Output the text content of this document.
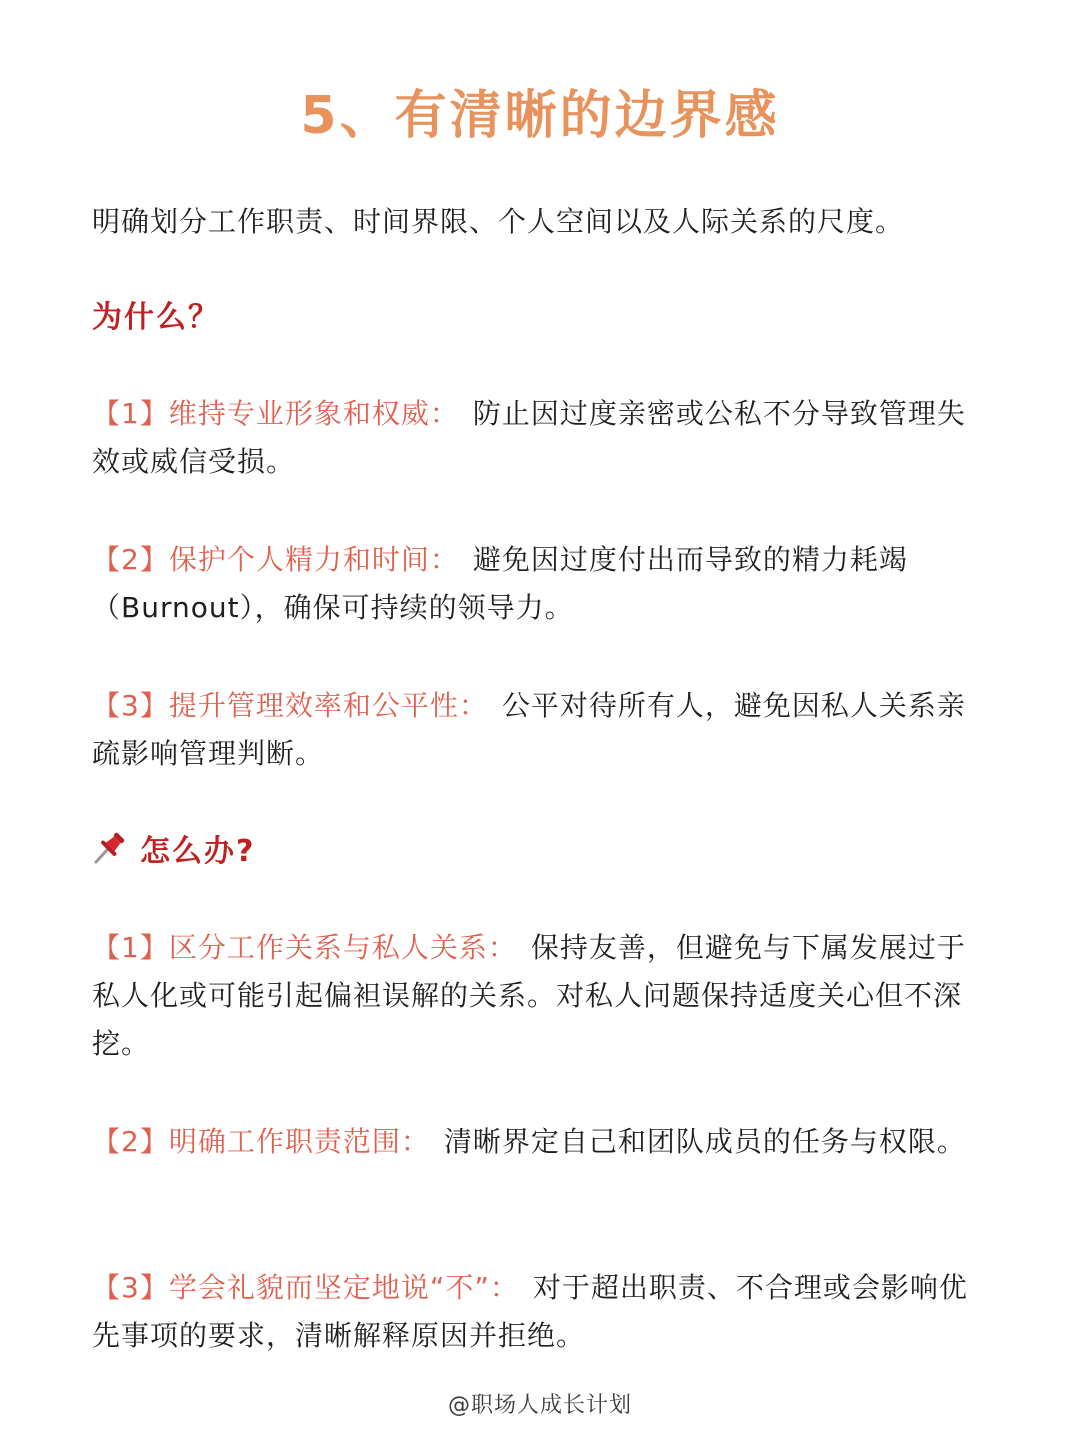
5、有清晰的边界感
明确划分工作职责、时间界限、个人空间以及人际关系的尺度。
为什么？
【1】维持专业形象和权威： 防止因过度亲密或公私不分导致管理失效或威信受损。
【2】保护个人精力和时间： 避免因过度付出而导致的精力耗竭（Burnout），确保可持续的领导力。
【3】提升管理效率和公平性： 公平对待所有人，避免因私人关系亲疏影响管理判断。
怎么办?
【1】区分工作关系与私人关系： 保持友善，但避免与下属发展过于私人化或可能引起偏袒误解的关系。对私人问题保持适度关心但不深挖。
【2】明确工作职责范围： 清晰界定自己和团队成员的任务与权限。
【3】学会礼貌而坚定地说“不”： 对于超出职责、不合理或会影响优先事项的要求，清晰解释原因并拒绝。
@职场人成长计划
